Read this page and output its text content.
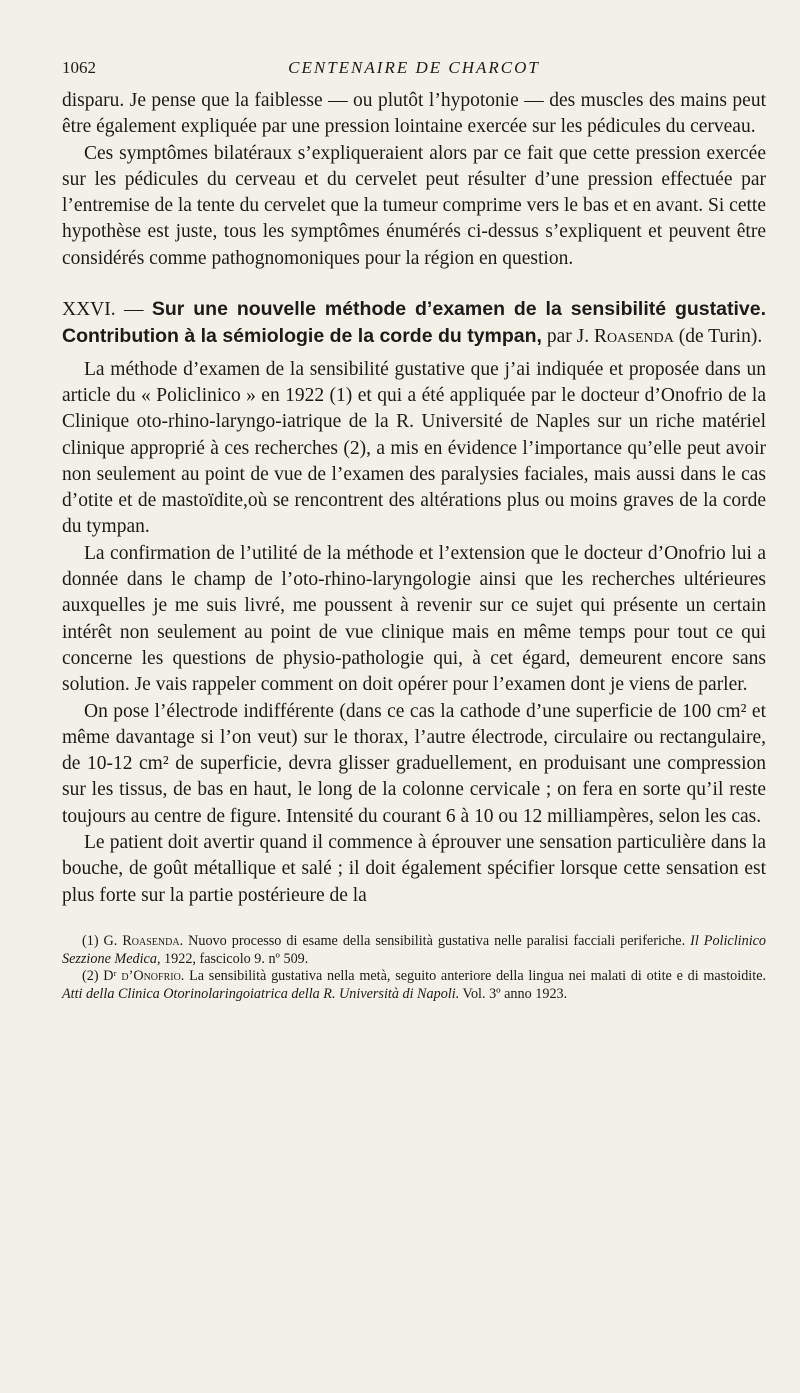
1062	CENTENAIRE DE CHARCOT

disparu. Je pense que la faiblesse — ou plutôt l’hypotonie — des muscles des mains peut être également expliquée par une pression lointaine exercée sur les pédicules du cerveau.

Ces symptômes bilatéraux s’expliqueraient alors par ce fait que cette pression exercée sur les pédicules du cerveau et du cervelet peut résulter d’une pression effectuée par l’entremise de la tente du cervelet que la tumeur comprime vers le bas et en avant. Si cette hypothèse est juste, tous les symptômes énumérés ci-dessus s’expliquent et peuvent être considérés comme pathognomoniques pour la région en question.

XXVI. — Sur une nouvelle méthode d’examen de la sensibilité gustative. Contribution à la sémiologie de la corde du tympan, par J. Roasenda (de Turin).

La méthode d’examen de la sensibilité gustative que j’ai indiquée et proposée dans un article du « Policlinico » en 1922 (1) et qui a été appliquée par le docteur d’Onofrio de la Clinique oto-rhino-laryngo-iatrique de la R. Université de Naples sur un riche matériel clinique approprié à ces recherches (2), a mis en évidence l’importance qu’elle peut avoir non seulement au point de vue de l’examen des paralysies faciales, mais aussi dans le cas d’otite et de mastoïdite,où se rencontrent des altérations plus ou moins graves de la corde du tympan.

La confirmation de l’utilité de la méthode et l’extension que le docteur d’Onofrio lui a donnée dans le champ de l’oto-rhino-laryngologie ainsi que les recherches ultérieures auxquelles je me suis livré, me poussent à revenir sur ce sujet qui présente un certain intérêt non seulement au point de vue clinique mais en même temps pour tout ce qui concerne les questions de physio-pathologie qui, à cet égard, demeurent encore sans solution. Je vais rappeler comment on doit opérer pour l’examen dont je viens de parler.

On pose l’électrode indifférente (dans ce cas la cathode d’une superficie de 100 cm² et même davantage si l’on veut) sur le thorax, l’autre électrode, circulaire ou rectangulaire, de 10-12 cm² de superficie, devra glisser graduellement, en produisant une compression sur les tissus, de bas en haut, le long de la colonne cervicale ; on fera en sorte qu’il reste toujours au centre de figure. Intensité du courant 6 à 10 ou 12 milliampères, selon les cas.

Le patient doit avertir quand il commence à éprouver une sensation particulière dans la bouche, de goût métallique et salé ; il doit également spécifier lorsque cette sensation est plus forte sur la partie postérieure de la

(1) G. Roasenda. Nuovo processo di esame della sensibilità gustativa nelle paralisi facciali periferiche. Il Policlinico Sezzione Medica, 1922, fascicolo 9. nº 509.

(2) Dʳ d’Onofrio. La sensibilità gustativa nella metà, seguito anteriore della lingua nei malati di otite e di mastoidite. Atti della Clinica Otorinolaringoiatrica della R. Università di Napoli. Vol. 3º anno 1923.
